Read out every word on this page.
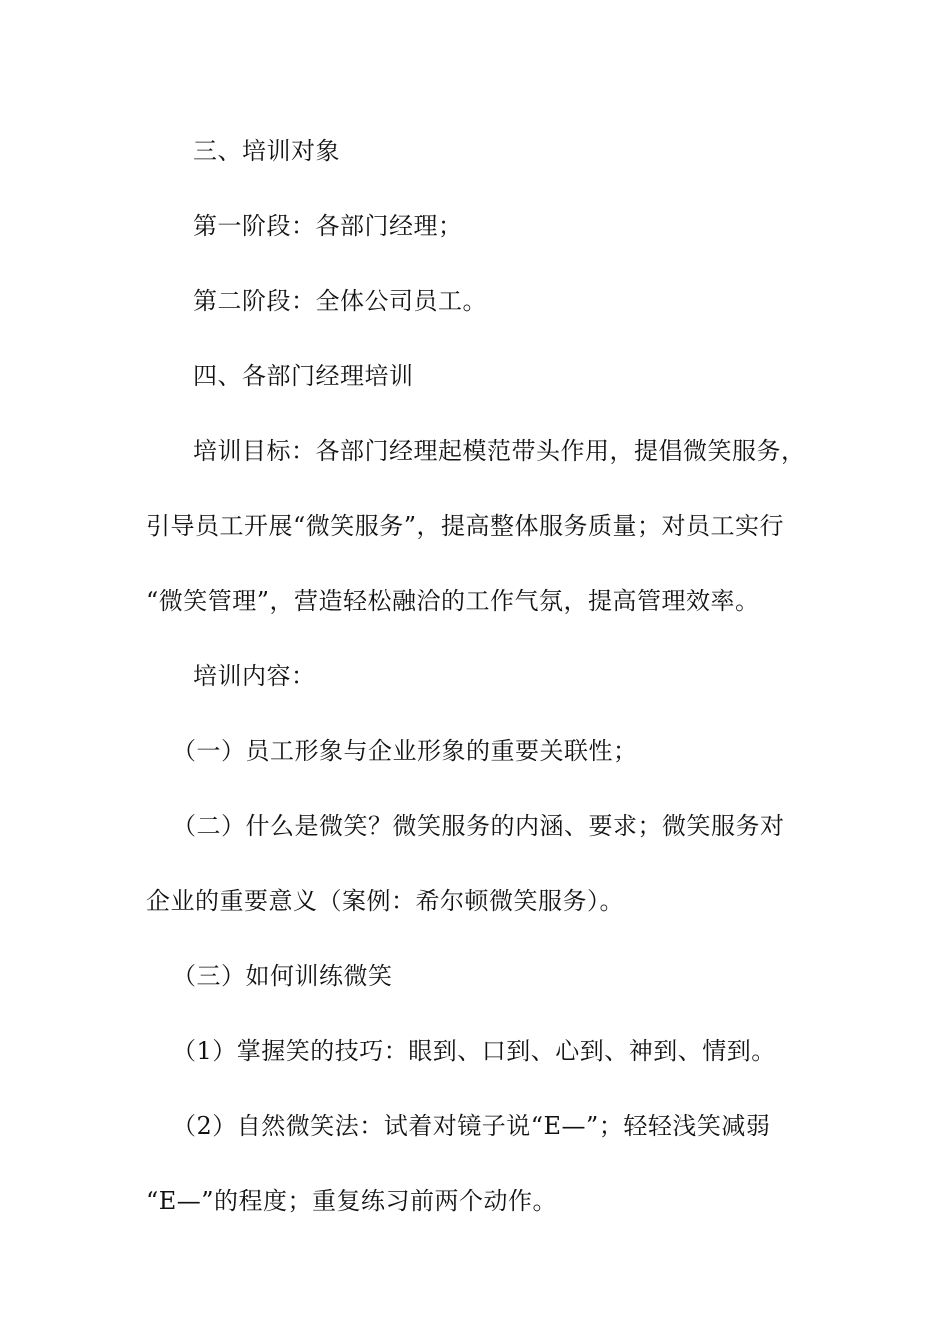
三、培训对象
第一阶段：各部门经理；
第二阶段：全体公司员工。
四、各部门经理培训
培训目标：各部门经理起模范带头作用，提倡微笑服务，
引导员工开展“微笑服务”，提高整体服务质量；对员工实行
“微笑管理”，营造轻松融洽的工作气氛，提高管理效率。
培训内容：
（一）员工形象与企业形象的重要关联性；
（二）什么是微笑？微笑服务的内涵、要求；微笑服务对
企业的重要意义（案例：希尔顿微笑服务）。
（三）如何训练微笑
（1）掌握笑的技巧：眼到、口到、心到、神到、情到。
（2）自然微笑法：试着对镜子说“E—”；轻轻浅笑减弱
“E—”的程度；重复练习前两个动作。
